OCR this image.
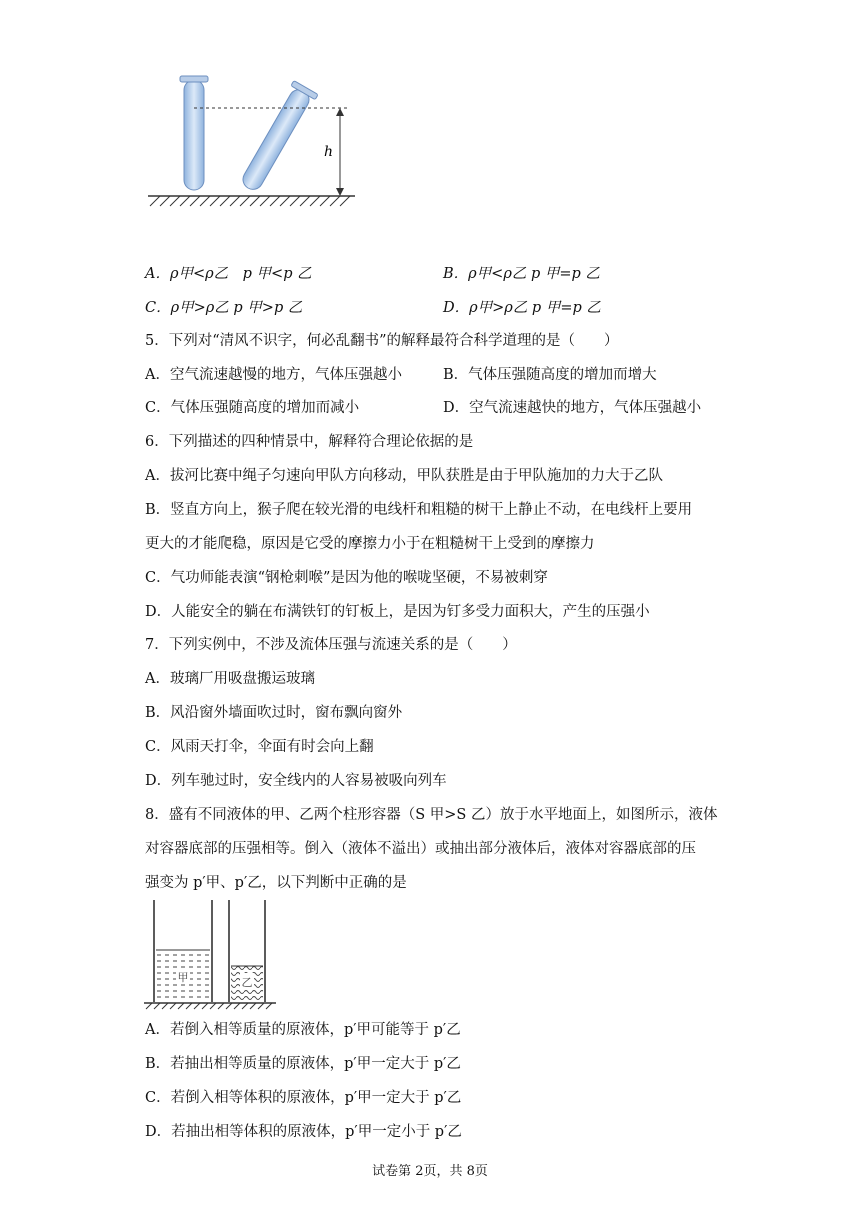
h
A．ρ甲<ρ乙　p 甲<p 乙	B．ρ甲<ρ乙 p 甲=p 乙
C．ρ甲>ρ乙 p 甲>p 乙	D．ρ甲>ρ乙 p 甲=p 乙
5．下列对“清风不识字，何必乱翻书”的解释最符合科学道理的是（　　）
A．空气流速越慢的地方，气体压强越小	B．气体压强随高度的增加而增大
C．气体压强随高度的增加而减小	D．空气流速越快的地方，气体压强越小
6．下列描述的四种情景中，解释符合理论依据的是
A．拔河比赛中绳子匀速向甲队方向移动，甲队获胜是由于甲队施加的力大于乙队
B．竖直方向上，猴子爬在较光滑的电线杆和粗糙的树干上静止不动，在电线杆上要用
更大的才能爬稳，原因是它受的摩擦力小于在粗糙树干上受到的摩擦力
C．气功师能表演“钢枪刺喉”是因为他的喉咙坚硬，不易被刺穿
D．人能安全的躺在布满铁钉的钉板上，是因为钉多受力面积大，产生的压强小
7．下列实例中，不涉及流体压强与流速关系的是（　　）
A．玻璃厂用吸盘搬运玻璃
B．风沿窗外墙面吹过时，窗布飘向窗外
C．风雨天打伞，伞面有时会向上翻
D．列车驰过时，安全线内的人容易被吸向列车
8．盛有不同液体的甲、乙两个柱形容器（S 甲>S 乙）放于水平地面上，如图所示，液体
对容器底部的压强相等。倒入（液体不溢出）或抽出部分液体后，液体对容器底部的压
强变为 p′甲、p′乙，以下判断中正确的是
甲	乙
A．若倒入相等质量的原液体，p′甲可能等于 p′乙
B．若抽出相等质量的原液体，p′甲一定大于 p′乙
C．若倒入相等体积的原液体，p′甲一定大于 p′乙
D．若抽出相等体积的原液体，p′甲一定小于 p′乙
试卷第 2页，共 8页
